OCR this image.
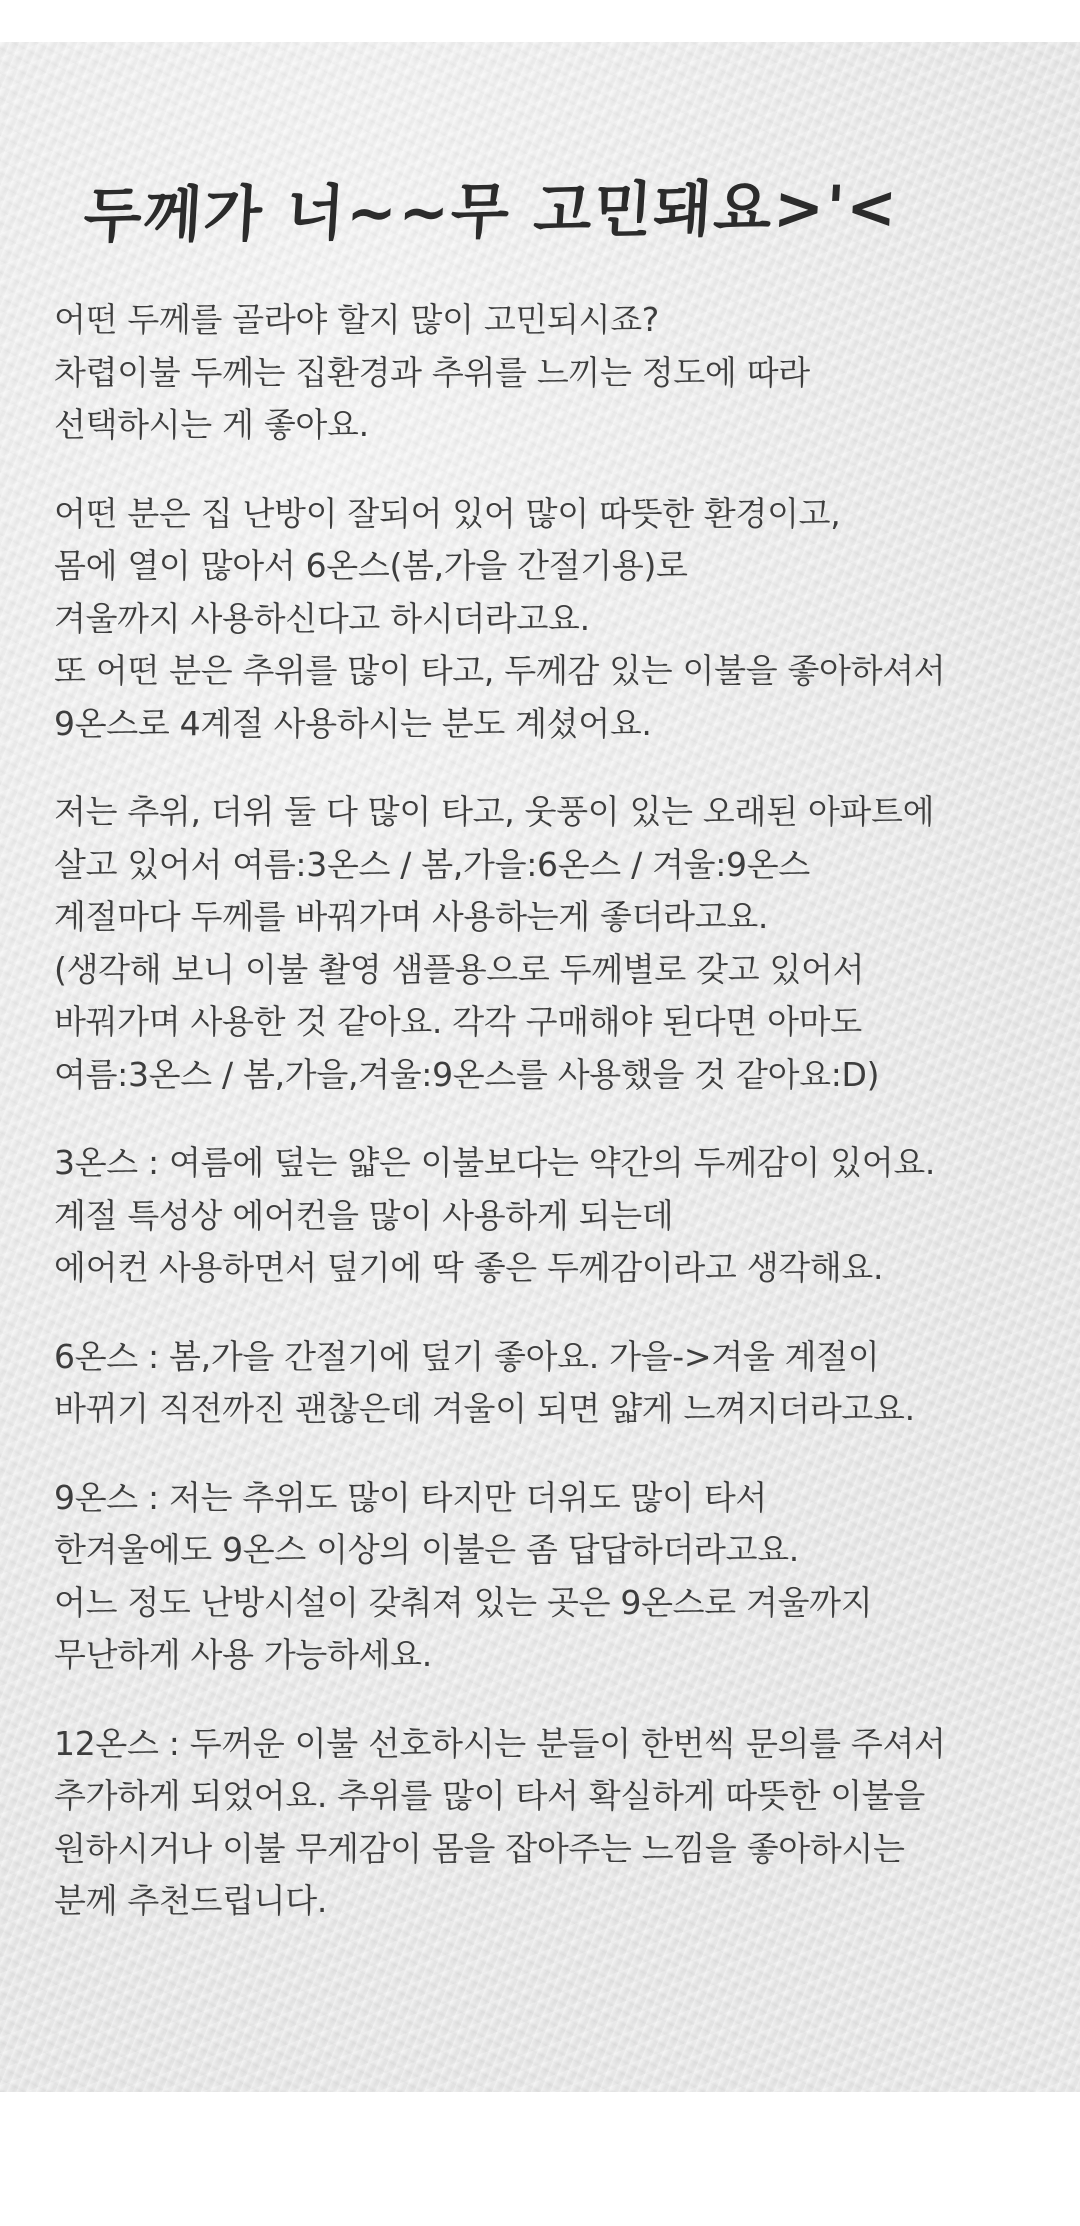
두께가 너~~무 고민돼요>'<
어떤 두께를 골라야 할지 많이 고민되시죠?
차렵이불 두께는 집환경과 추위를 느끼는 정도에 따라
선택하시는 게 좋아요.
어떤 분은 집 난방이 잘되어 있어 많이 따뜻한 환경이고,
몸에 열이 많아서 6온스(봄,가을 간절기용)로
겨울까지 사용하신다고 하시더라고요.
또 어떤 분은 추위를 많이 타고, 두께감 있는 이불을 좋아하셔서
9온스로 4계절 사용하시는 분도 계셨어요.
저는 추위, 더위 둘 다 많이 타고, 웃풍이 있는 오래된 아파트에
살고 있어서 여름:3온스 / 봄,가을:6온스 / 겨울:9온스
계절마다 두께를 바꿔가며 사용하는게 좋더라고요.
(생각해 보니 이불 촬영 샘플용으로 두께별로 갖고 있어서
바꿔가며 사용한 것 같아요. 각각 구매해야 된다면 아마도
여름:3온스 / 봄,가을,겨울:9온스를 사용했을 것 같아요:D)
3온스 : 여름에 덮는 얇은 이불보다는 약간의 두께감이 있어요.
계절 특성상 에어컨을 많이 사용하게 되는데
에어컨 사용하면서 덮기에 딱 좋은 두께감이라고 생각해요.
6온스 : 봄,가을 간절기에 덮기 좋아요. 가을->겨울 계절이
바뀌기 직전까진 괜찮은데 겨울이 되면 얇게 느껴지더라고요.
9온스 : 저는 추위도 많이 타지만 더위도 많이 타서
한겨울에도 9온스 이상의 이불은 좀 답답하더라고요.
어느 정도 난방시설이 갖춰져 있는 곳은 9온스로 겨울까지
무난하게 사용 가능하세요.
12온스 : 두꺼운 이불 선호하시는 분들이 한번씩 문의를 주셔서
추가하게 되었어요. 추위를 많이 타서 확실하게 따뜻한 이불을
원하시거나 이불 무게감이 몸을 잡아주는 느낌을 좋아하시는
분께 추천드립니다.
